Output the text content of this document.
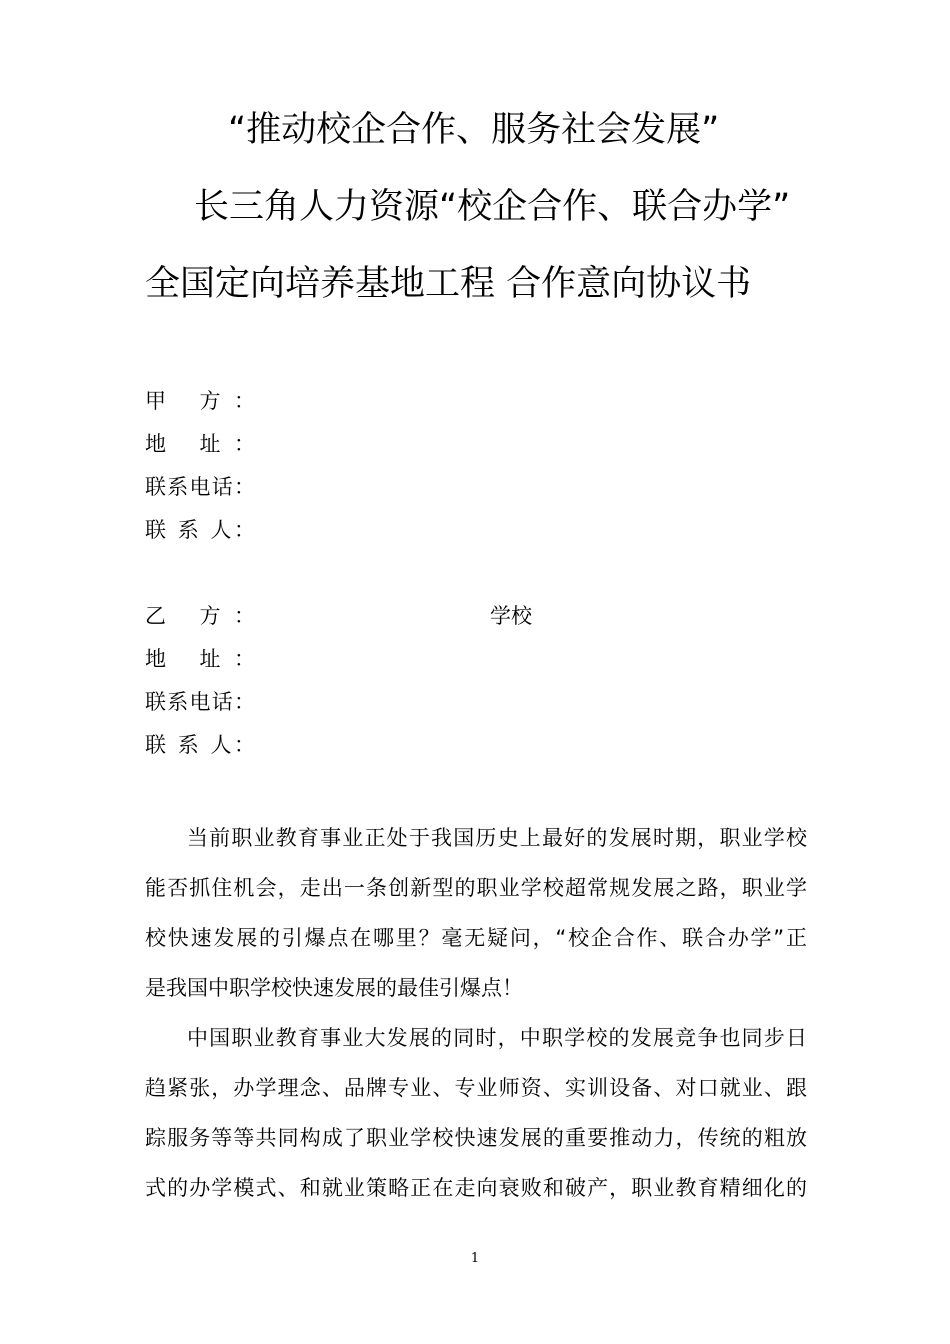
“推动校企合作、服务社会发展”
长三角人力资源“校企合作、联合办学”
全国定向培养基地工程 合作意向协议书
甲 方：
地 址：
联系电话：
联 系 人：
乙 方：	学校
地 址：
联系电话：
联 系 人：
当前职业教育事业正处于我国历史上最好的发展时期，职业学校
能否抓住机会，走出一条创新型的职业学校超常规发展之路，职业学
校快速发展的引爆点在哪里？毫无疑问，“校企合作、联合办学”正
是我国中职学校快速发展的最佳引爆点！
中国职业教育事业大发展的同时，中职学校的发展竞争也同步日
趋紧张，办学理念、品牌专业、专业师资、实训设备、对口就业、跟
踪服务等等共同构成了职业学校快速发展的重要推动力，传统的粗放
式的办学模式、和就业策略正在走向衰败和破产，职业教育精细化的
1
